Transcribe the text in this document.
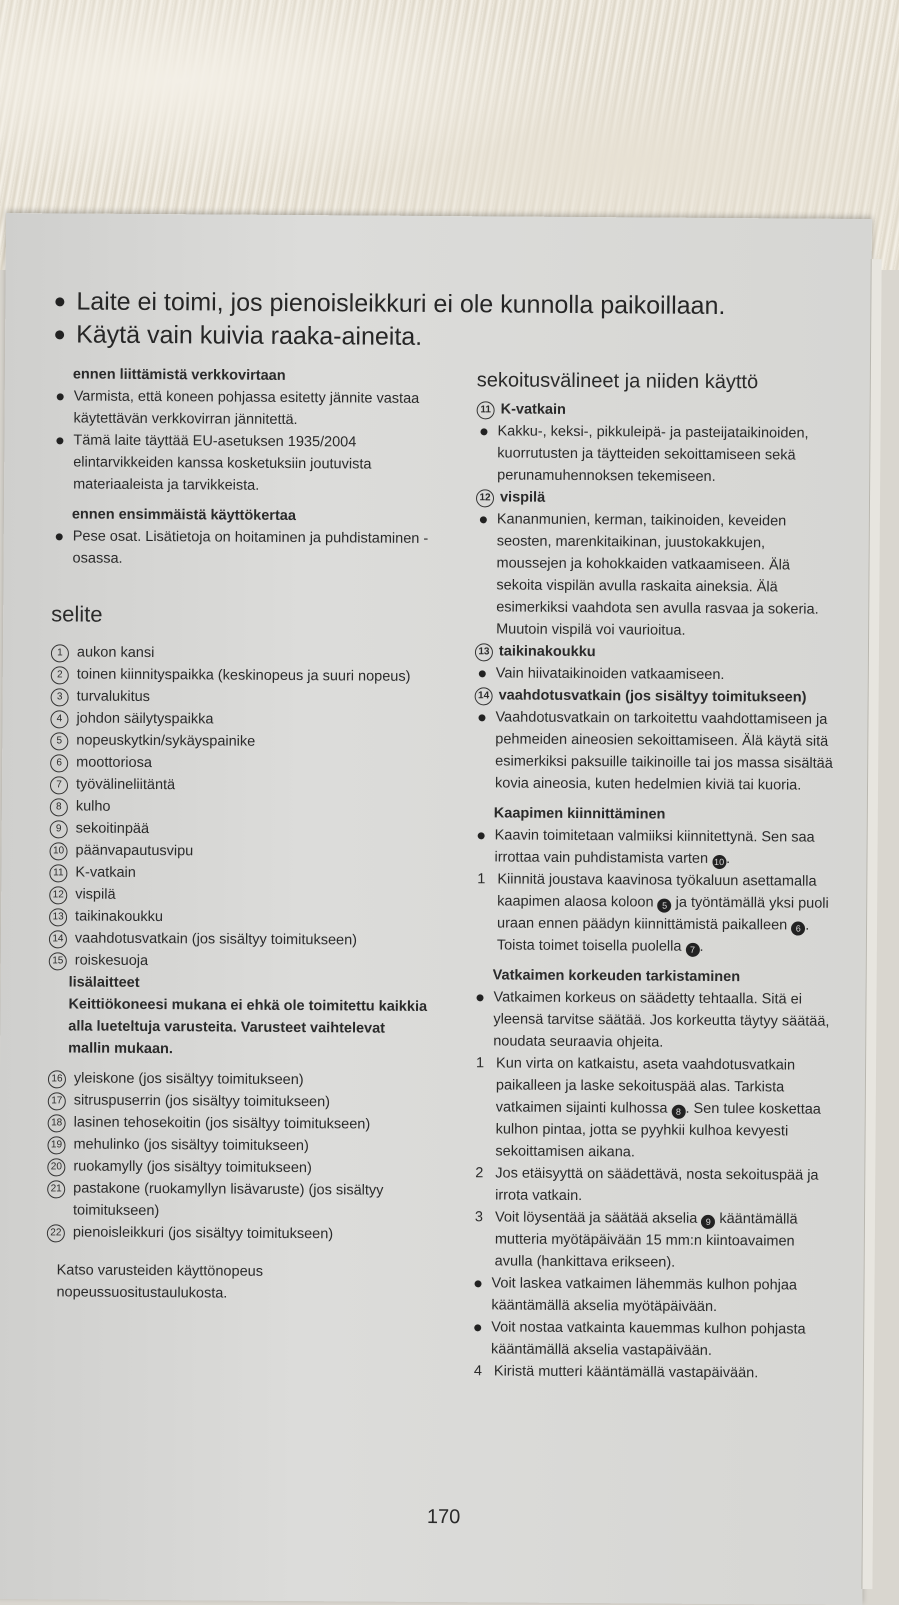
Laite ei toimi, jos pienoisleikkuri ei ole kunnolla paikoillaan.
Käytä vain kuivia raaka-aineita.
ennen liittämistä verkkovirtaan
Varmista, että koneen pohjassa esitetty jännite vastaa käytettävän verkkovirran jännitettä.
Tämä laite täyttää EU-asetuksen 1935/2004 elintarvikkeiden kanssa kosketuksiin joutuvista materiaaleista ja tarvikkeista.
ennen ensimmäistä käyttökertaa
Pese osat. Lisätietoja on hoitaminen ja puhdistaminen -osassa.
selite
1 aukon kansi
2 toinen kiinnityspaikka (keskinopeus ja suuri nopeus)
3 turvalukitus
4 johdon säilytyspaikka
5 nopeuskytkin/sykäyspainike
6 moottoriosa
7 työvälineliitäntä
8 kulho
9 sekoitinpää
10 päänvapautusvipu
11 K-vatkain
12 vispilä
13 taikinakoukku
14 vaahdotusvatkain (jos sisältyy toimitukseen)
15 roiskesuoja
lisälaitteet
Keittiökoneesi mukana ei ehkä ole toimitettu kaikkia alla lueteltuja varusteita. Varusteet vaihtelevat mallin mukaan.
16 yleiskone (jos sisältyy toimitukseen)
17 sitruspuserrin (jos sisältyy toimitukseen)
18 lasinen tehosekoitin (jos sisältyy toimitukseen)
19 mehulinko (jos sisältyy toimitukseen)
20 ruokamylly (jos sisältyy toimitukseen)
21 pastakone (ruokamyllyn lisävaruste) (jos sisältyy toimitukseen)
22 pienoisleikkuri (jos sisältyy toimitukseen)
Katso varusteiden käyttönopeus nopeussuositustaulukosta.
sekoitusvälineet ja niiden käyttö
11 K-vatkain
Kakku-, keksi-, pikkuleipä- ja pasteijataikinoiden, kuorrutusten ja täytteiden sekoittamiseen sekä perunamuhennoksen tekemiseen.
12 vispilä
Kananmunien, kerman, taikinoiden, keveiden seosten, marenkitaikinan, juustokakkujen, moussejen ja kohokkaiden vatkaamiseen. Älä sekoita vispilän avulla raskaita aineksia. Älä esimerkiksi vaahdota sen avulla rasvaa ja sokeria. Muutoin vispilä voi vaurioitua.
13 taikinakoukku
Vain hiivataikinoiden vatkaamiseen.
14 vaahdotusvatkain (jos sisältyy toimitukseen)
Vaahdotusvatkain on tarkoitettu vaahdottamiseen ja pehmeiden aineosien sekoittamiseen. Älä käytä sitä esimerkiksi paksuille taikinoille tai jos massa sisältää kovia aineosia, kuten hedelmien kiviä tai kuoria.
Kaapimen kiinnittäminen
Kaavin toimitetaan valmiiksi kiinnitettynä. Sen saa irrottaa vain puhdistamista varten 10 .
1 Kiinnitä joustava kaavinosa työkaluun asettamalla kaapimen alaosa koloon 5 ja työntämällä yksi puoli uraan ennen päädyn kiinnittämistä paikalleen 6 . Toista toimet toisella puolella 7 .
Vatkaimen korkeuden tarkistaminen
Vatkaimen korkeus on säädetty tehtaalla. Sitä ei yleensä tarvitse säätää. Jos korkeutta täytyy säätää, noudata seuraavia ohjeita.
1 Kun virta on katkaistu, aseta vaahdotusvatkain paikalleen ja laske sekoituspää alas. Tarkista vatkaimen sijainti kulhossa 8 . Sen tulee koskettaa kulhon pintaa, jotta se pyyhkii kulhoa kevyesti sekoittamisen aikana.
2 Jos etäisyyttä on säädettävä, nosta sekoituspää ja irrota vatkain.
3 Voit löysentää ja säätää akselia 9 kääntämällä mutteria myötäpäivään 15 mm:n kiintoavaimen avulla (hankittava erikseen).
Voit laskea vatkaimen lähemmäs kulhon pohjaa kääntämällä akselia myötäpäivään.
Voit nostaa vatkainta kauemmas kulhon pohjasta kääntämällä akselia vastapäivään.
4 Kiristä mutteri kääntämällä vastapäivään.
170
